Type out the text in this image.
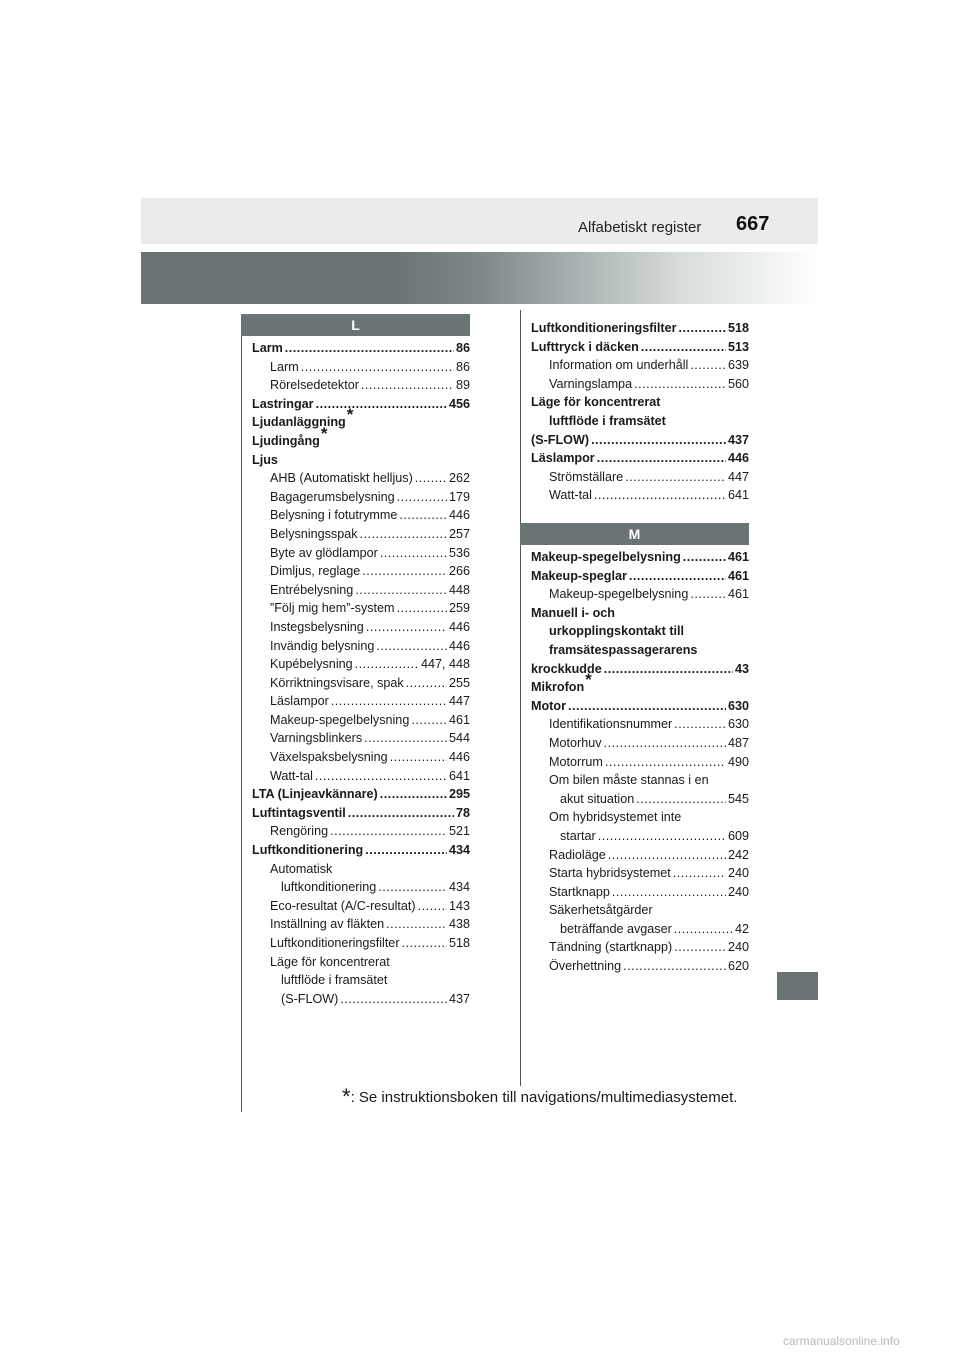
Alfabetiskt register 667
L
M
Larm .....	86
Larm .....	86
Rörelsedetektor .....	89
Lastringar .....	456
Ljudanläggning*
Ljudingång*
Ljus
AHB (Automatiskt helljus) .....	262
Bagagerumsbelysning .....	179
Belysning i fotutrymme .....	446
Belysningsspak .....	257
Byte av glödlampor .....	536
Dimljus, reglage .....	266
Entrébelysning .....	448
”Följ mig hem”-system .....	259
Instegsbelysning .....	446
Invändig belysning .....	446
Kupébelysning .....	447, 448
Körriktningsvisare, spak .....	255
Läslampor .....	447
Makeup-spegelbelysning .....	461
Varningsblinkers .....	544
Växelspaksbelysning .....	446
Watt-tal .....	641
LTA (Linjeavkännare) .....	295
Luftintagsventil .....	78
Rengöring .....	521
Luftkonditionering .....	434
Automatisk
luftkonditionering .....	434
Eco-resultat (A/C-resultat) .....	143
Inställning av fläkten .....	438
Luftkonditioneringsfilter .....	518
Läge för koncentrerat
luftflöde i framsätet
(S-FLOW) .....	437
Luftkonditioneringsfilter .....	518
Lufttryck i däcken .....	513
Information om underhåll .....	639
Varningslampa .....	560
Läge för koncentrerat
luftflöde i framsätet
(S-FLOW) .....	437
Läslampor .....	446
Strömställare .....	447
Watt-tal .....	641
Makeup-spegelbelysning .....	461
Makeup-speglar .....	461
Makeup-spegelbelysning .....	461
Manuell i- och
urkopplingskontakt till
framsätespassagerarens
krockkudde .....	43
Mikrofon*
Motor .....	630
Identifikationsnummer .....	630
Motorhuv .....	487
Motorrum .....	490
Om bilen måste stannas i en
akut situation .....	545
Om hybridsystemet inte
startar .....	609
Radioläge .....	242
Starta hybridsystemet .....	240
Startknapp .....	240
Säkerhetsåtgärder
beträffande avgaser .....	42
Tändning (startknapp) .....	240
Överhettning .....	620
*: Se instruktionsboken till navigations/multimediasystemet.
carmanualsonline.info
